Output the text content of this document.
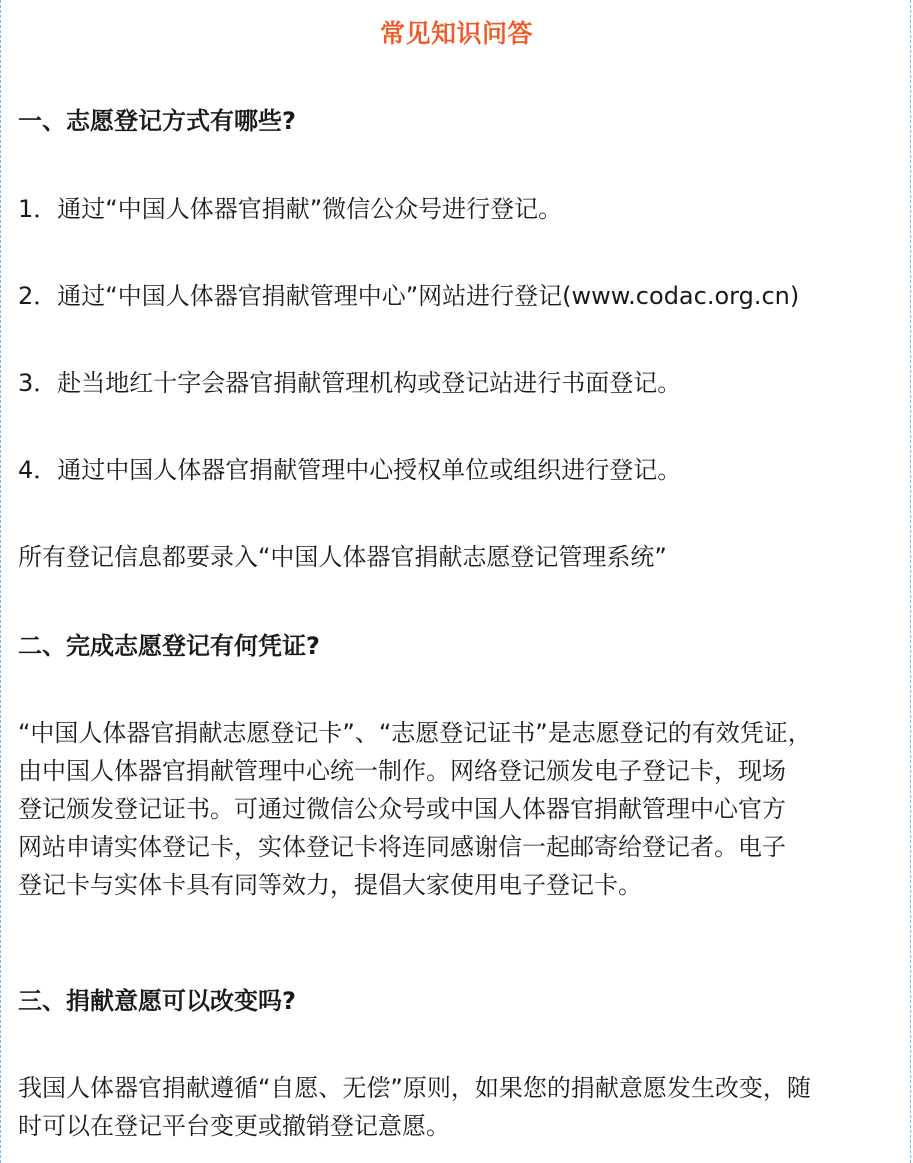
常见知识问答
一、志愿登记方式有哪些?
1．通过“中国人体器官捐献”微信公众号进行登记。
2．通过“中国人体器官捐献管理中心”网站进行登记(www.codac.org.cn)
3．赴当地红十字会器官捐献管理机构或登记站进行书面登记。
4．通过中国人体器官捐献管理中心授权单位或组织进行登记。
所有登记信息都要录入“中国人体器官捐献志愿登记管理系统”
二、完成志愿登记有何凭证?
“中国人体器官捐献志愿登记卡”、“志愿登记证书”是志愿登记的有效凭证，
由中国人体器官捐献管理中心统一制作。网络登记颁发电子登记卡，现场
登记颁发登记证书。可通过微信公众号或中国人体器官捐献管理中心官方
网站申请实体登记卡，实体登记卡将连同感谢信一起邮寄给登记者。电子
登记卡与实体卡具有同等效力，提倡大家使用电子登记卡。
三、捐献意愿可以改变吗?
我国人体器官捐献遵循“自愿、无偿”原则，如果您的捐献意愿发生改变，随
时可以在登记平台变更或撤销登记意愿。
